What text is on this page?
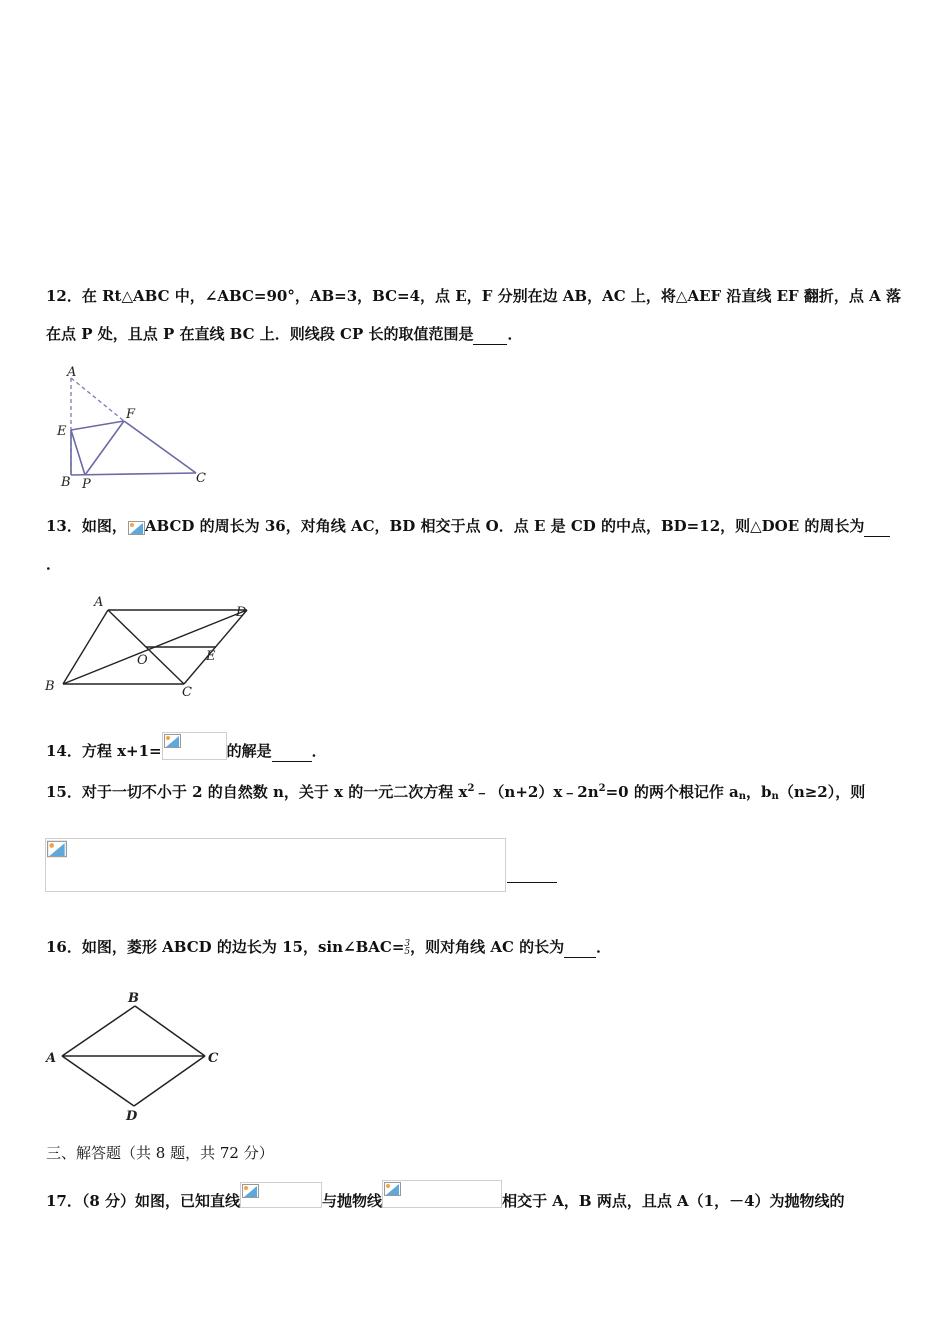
12．在 Rt△ABC 中，∠ABC=90°，AB=3，BC=4，点 E，F 分别在边 AB，AC 上，将△AEF 沿直线 EF 翻折，点 A 落
在点 P 处，且点 P 在直线 BC 上．则线段 CP 长的取值范围是 ．
A
F
E
B P	C
13．如图， ABCD 的周长为 36，对角线 AC，BD 相交于点 O．点 E 是 CD 的中点，BD=12，则△DOE 的周长为
．
A
D
O	E
B	C
14．方程 x+1=	的解是	．
15．对于一切不小于 2 的自然数 n，关于 x 的一元二次方程 $x^2﹣(n+2)x﹣2n^2=0$ 的两个根记作 $a_n$，$b_n(n\ge 2)$，则
16．如图，菱形 ABCD 的边长为 15，sin∠BAC=3
5，则对角线 AC 的长为 ．
B
A	C
D
三、解答题（共 8 题，共 72 分）
17．（8 分）如图，已知直线	与抛物线	相交于 A，B 两点，且点 A（1，－4）为抛物线的
